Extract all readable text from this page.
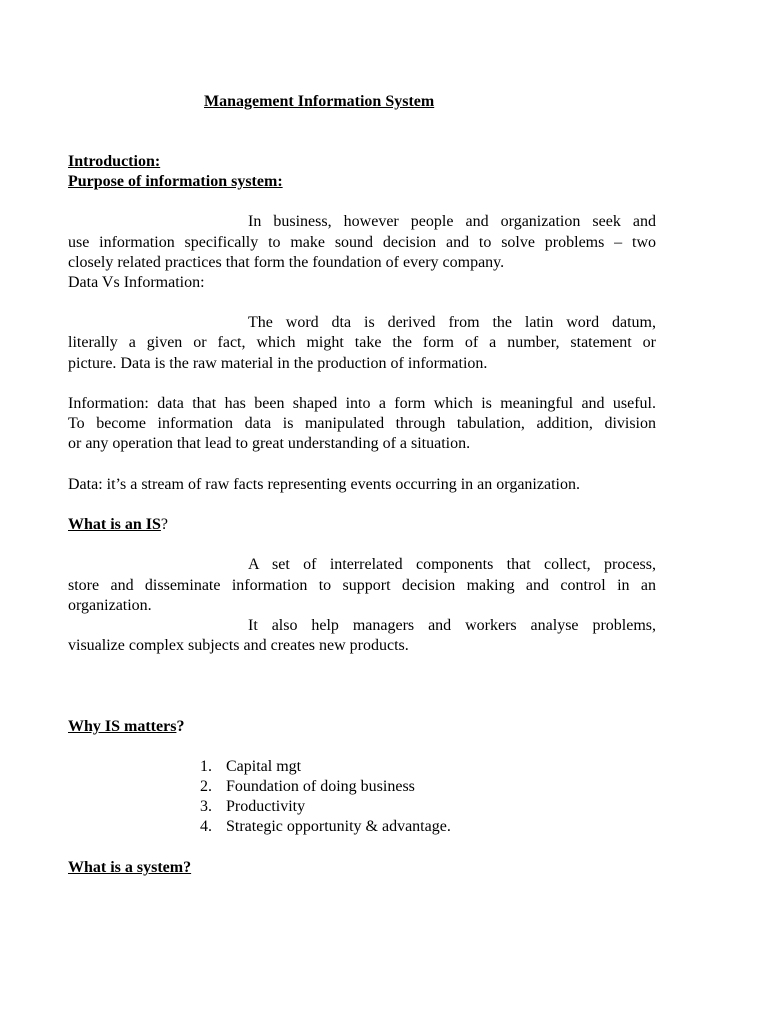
Management Information System
Introduction:
Purpose of information system:
In business, however people and organization seek and
use information specifically to make sound decision and to solve problems – two
closely related practices that form the foundation of every company.
Data Vs Information:
The word dta is derived from the latin word datum,
literally a given or fact, which might take the form of a number, statement or
picture. Data is the raw material in the production of information.
Information: data that has been shaped into a form which is meaningful and useful.
To become information data is manipulated through tabulation, addition, division
or any operation that lead to great understanding of a situation.
Data: it’s a stream of raw facts representing events occurring in an organization.
What is an IS?
A set of interrelated components that collect, process,
store and disseminate information to support decision making and control in an
organization.
It also help managers and workers analyse problems,
visualize complex subjects and creates new products.
Why IS matters?
1. Capital mgt
2. Foundation of doing business
3. Productivity
4. Strategic opportunity & advantage.
What is a system?
